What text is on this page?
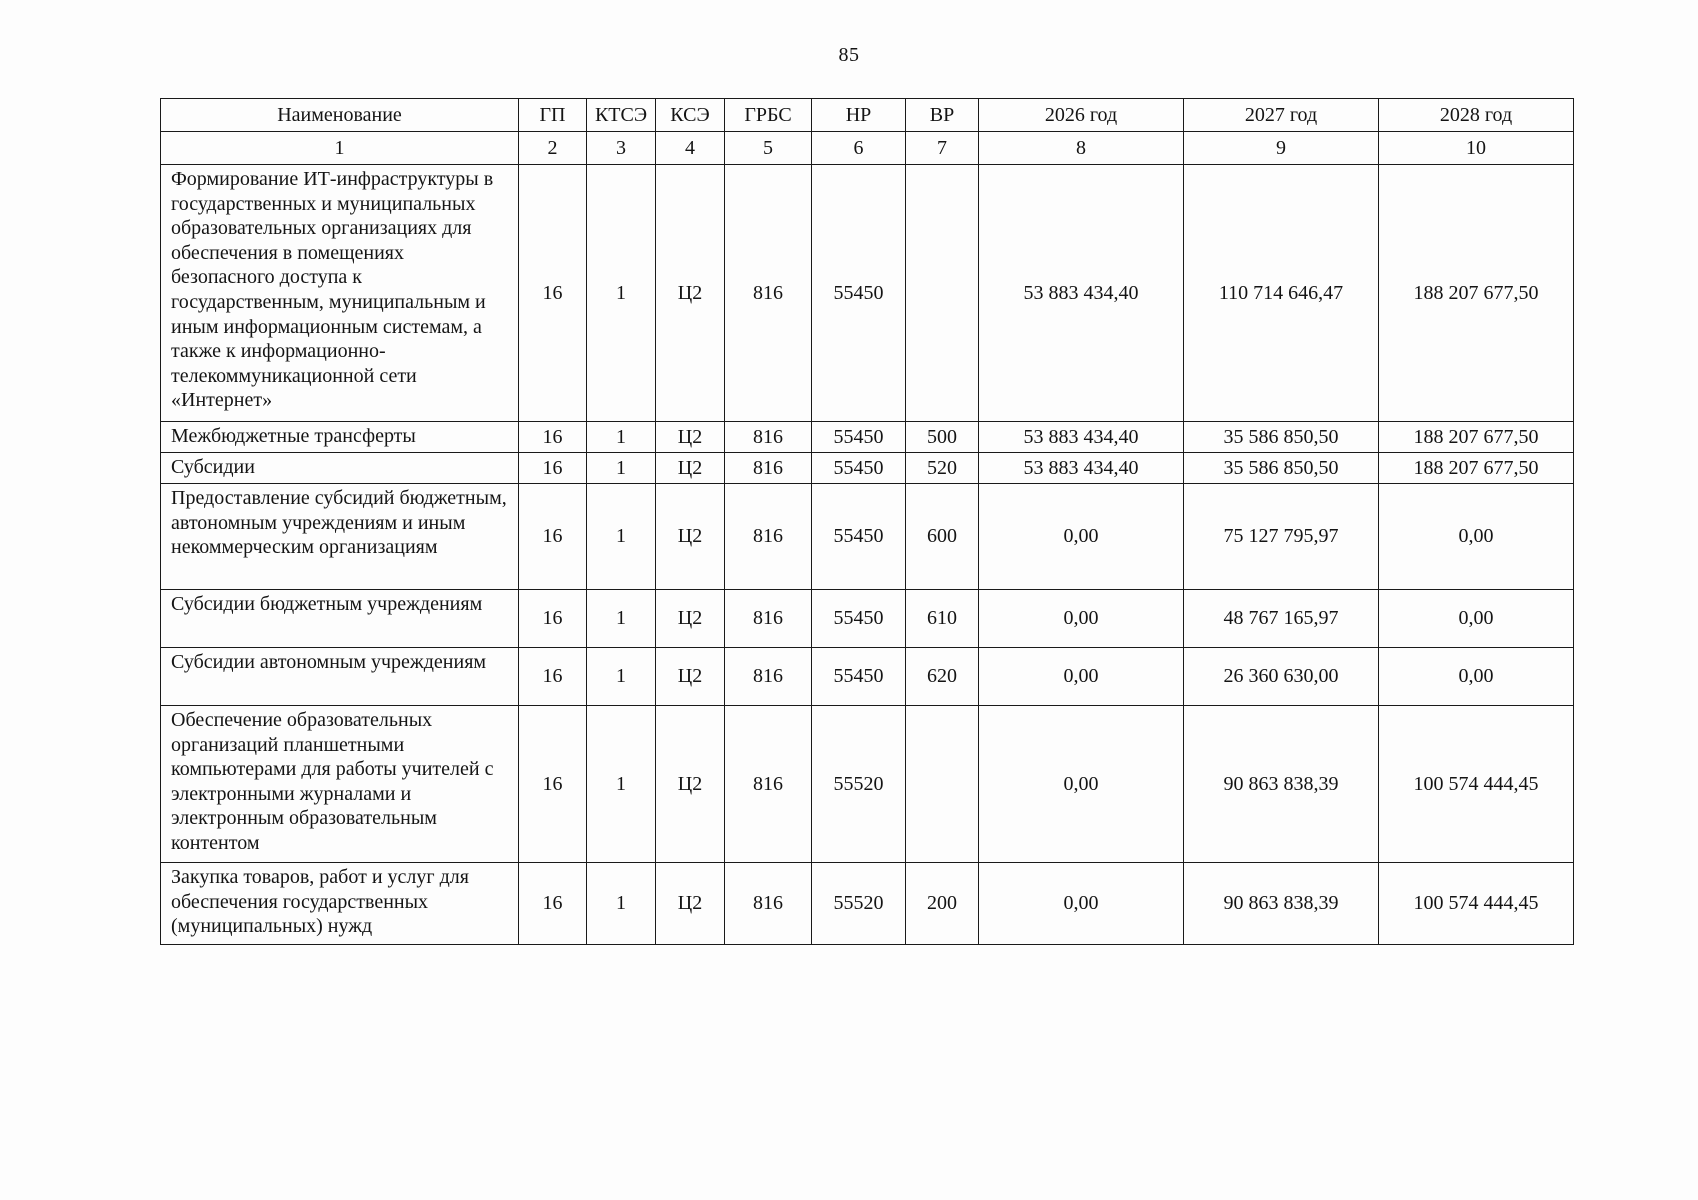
85
Наименование	ГП	КТСЭ	КСЭ	ГРБС	НР	ВР	2026 год	2027 год	2028 год
1	2	3	4	5	6	7	8	9	10
Формирование ИТ-инфраструктуры в государственных и муниципальных образовательных организациях для обеспечения в помещениях безопасного доступа к государственным, муниципальным и иным информационным системам, а также к информационно-телекоммуникационной сети «Интернет»	16	1	Ц2	816	55450		53 883 434,40	110 714 646,47	188 207 677,50
Межбюджетные трансферты	16	1	Ц2	816	55450	500	53 883 434,40	35 586 850,50	188 207 677,50
Субсидии	16	1	Ц2	816	55450	520	53 883 434,40	35 586 850,50	188 207 677,50
Предоставление субсидий бюджетным, автономным учреждениям и иным некоммерческим организациям	16	1	Ц2	816	55450	600	0,00	75 127 795,97	0,00
Субсидии бюджетным учреждениям	16	1	Ц2	816	55450	610	0,00	48 767 165,97	0,00
Субсидии автономным учреждениям	16	1	Ц2	816	55450	620	0,00	26 360 630,00	0,00
Обеспечение образовательных организаций планшетными компьютерами для работы учителей с электронными журналами и электронным образовательным контентом	16	1	Ц2	816	55520		0,00	90 863 838,39	100 574 444,45
Закупка товаров, работ и услуг для обеспечения государственных (муниципальных) нужд	16	1	Ц2	816	55520	200	0,00	90 863 838,39	100 574 444,45
